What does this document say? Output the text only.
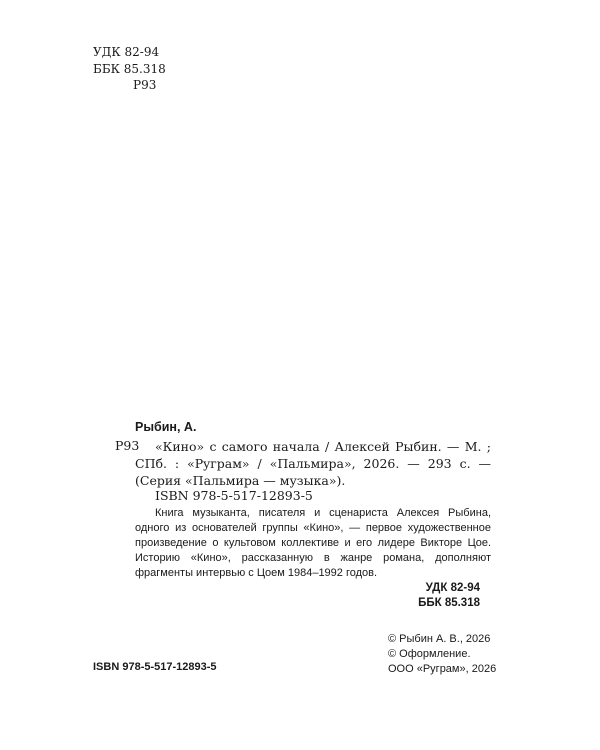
УДК 82-94
ББК 85.318
Р93
Рыбин, А.
Р93	«Кино» с самого начала / Алексей Рыбин. — М. ; СПб. : «Рyграм» / «Пальмира», 2026. — 293 с. — (Серия «Пальмира — музыка»).

ISBN 978-5-517-12893-5

Книга музыканта, писателя и сценариста Алексея Рыбина, одного из основателей группы «Кино», — первое художественное произведение о культовом коллективе и его лидере Викторе Цое. Историю «Кино», рассказанную в жанре романа, дополняют фрагменты интервью с Цоем 1984–1992 годов.

УДК 82-94
ББК 85.318
© Рыбин А. В., 2026
© Оформление.
ООО «Рyграм», 2026
ISBN 978-5-517-12893-5
